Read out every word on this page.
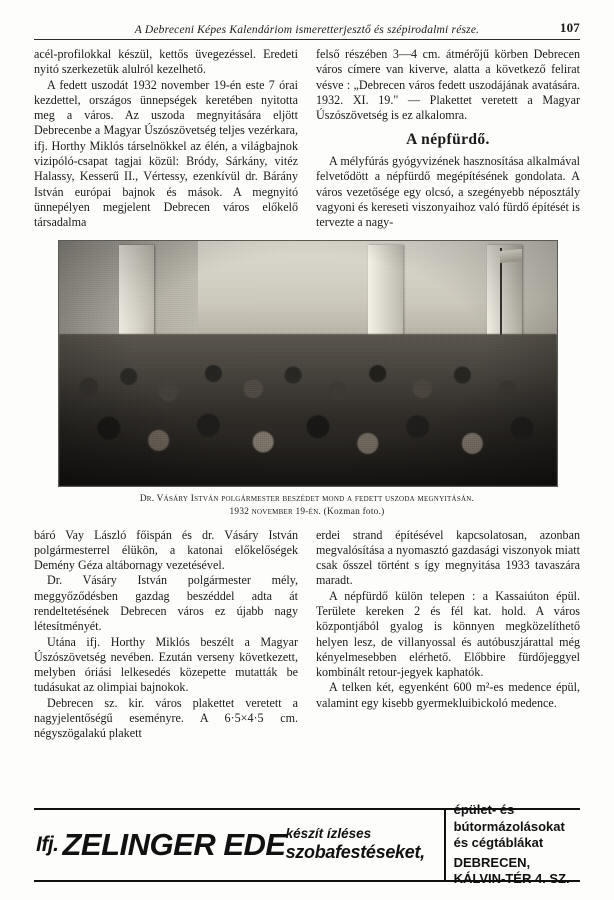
A Debreceni Képes Kalendáriom ismeretterjesztő és szépirodalmi része.	107

acél-profilokkal készül, kettős üvegezéssel. Eredeti nyitó szerkezetük alulról kezelhető.

A fedett uszodát 1932 november 19-én este 7 órai kezdettel, országos ünnepségek keretében nyitotta meg a város. Az uszoda megnyitására eljött Debrecenbe a Magyar Úszószövetség teljes vezérkara, ifj. Horthy Miklós társelnökkel az élén, a világbajnok vizipóló-csapat tagjai közül: Bródy, Sárkány, vitéz Halassy, Kesserű II., Vértessy, ezenkívül dr. Bárány István európai bajnok és mások. A megnyitó ünnepélyen megjelent Debrecen város előkelő társadalma

felső részében 3—4 cm. átmérőjű körben Debrecen város címere van kiverve, alatta a következő felirat vésve : „Debrecen város fedett uszodájának avatására. 1932. XI. 19." — Plakettet veretett a Magyar Úszószövetség is ez alkalomra.

A népfürdő.

A mélyfúrás gyógyvizének hasznosítása alkalmával felvetődött a népfürdő megépítésének gondolata. A város vezetősége egy olcsó, a szegényebb néposztály vagyoni és kereseti viszonyaihoz való fürdő építését is tervezte a nagy-

Dr. Vásáry István polgármester beszédet mond a fedett uszoda megnyitásán.
1932 november 19-én. (Kozman foto.)

báró Vay László főispán és dr. Vásáry István polgármesterrel élükön, a katonai előkelőségek Demény Géza altábornagy vezetésével.

Dr. Vásáry István polgármester mély, meggyőződésben gazdag beszéddel adta át rendeltetésének Debrecen város ez újabb nagy létesítményét.

Utána ifj. Horthy Miklós beszélt a Magyar Úszószövetség nevében. Ezután verseny következett, melyben óriási lelkesedés közepette mutatták be tudásukat az olimpiai bajnokok.

Debrecen sz. kir. város plakettet veretett a nagyjelentőségű eseményre. A 6·5×4·5 cm. négyszögalakú plakett

erdei strand építésével kapcsolatosan, azonban megvalósítása a nyomasztó gazdasági viszonyok miatt csak ősszel történt s így megnyitása 1933 tavaszára maradt.

A népfürdő külön telepen : a Kassaiúton épül. Területe kereken 2 és fél kat. hold. A város központjából gyalog is könnyen megközelíthető helyen lesz, de villanyossal és autóbuszjárattal még kényelmesebben elérhető. Előbbire fürdőjeggyel kombinált retour-jegyek kaphatók.

A telken két, egyenként 600 m²-es medence épül, valamint egy kisebb gyermekluibickoló medence.

Ifj. ZELINGER EDE készít ízléses
szobafestéseket,
épület- és bútormázolásokat és cégtáblákat
DEBRECEN, KÁLVIN-TÉR 4. SZ.
